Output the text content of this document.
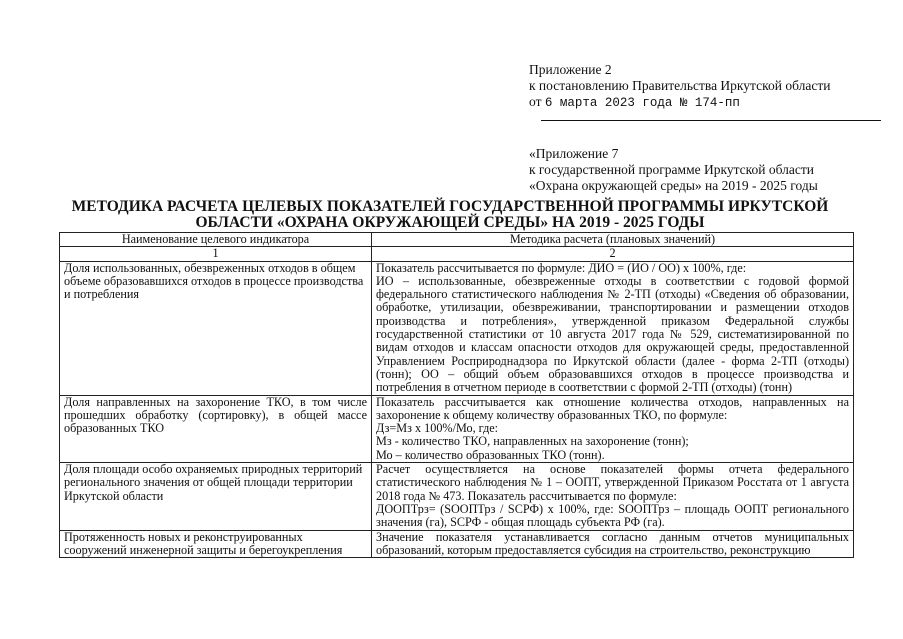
Приложение 2
к постановлению Правительства Иркутской области
от 6 марта 2023 года № 174-пп
«Приложение 7
к государственной программе Иркутской области
«Охрана окружающей среды» на 2019 - 2025 годы
МЕТОДИКА РАСЧЕТА ЦЕЛЕВЫХ ПОКАЗАТЕЛЕЙ ГОСУДАРСТВЕННОЙ ПРОГРАММЫ ИРКУТСКОЙ
ОБЛАСТИ «ОХРАНА ОКРУЖАЮЩЕЙ СРЕДЫ» НА 2019 - 2025 ГОДЫ
Наименование целевого индикатора	Методика расчета (плановых значений)
1	2
Доля использованных, обезвреженных отходов в общем объеме образовавшихся отходов в процессе производства и потребления	Показатель рассчитывается по формуле: ДИО = (ИО / ОО) х 100%, где:
ИО – использованные, обезвреженные отходы в соответствии с годовой формой федерального статистического наблюдения № 2-ТП (отходы) «Сведения об образовании, обработке, утилизации, обезвреживании, транспортировании и размещении отходов производства и потребления», утвержденной приказом Федеральной службы государственной статистики от 10 августа 2017 года № 529, систематизированной по видам отходов и классам опасности отходов для окружающей среды, предоставленной Управлением Росприроднадзора по Иркутской области (далее - форма 2-ТП (отходы) (тонн); ОО – общий объем образовавшихся отходов в процессе производства и потребления в отчетном периоде в соответствии с формой 2-ТП (отходы) (тонн)

Доля направленных на захоронение ТКО, в том числе прошедших обработку (сортировку), в общей массе образованных ТКО	Показатель рассчитывается как отношение количества отходов, направленных на захоронение к общему количеству образованных ТКО, по формуле:
Дз=Мз х 100%/Мо, где:
Мз - количество ТКО, направленных на захоронение (тонн);
Мо – количество образованных ТКО (тонн).

Доля площади особо охраняемых природных территорий регионального значения от общей площади территории Иркутской области	Расчет осуществляется на основе показателей формы отчета федерального статистического наблюдения № 1 – ООПТ, утвержденной Приказом Росстата от 1 августа 2018 года № 473. Показатель рассчитывается по формуле:
ДООПТрз= (SООПТрз / SСРФ) х 100%, где: SООПТрз – площадь ООПТ регионального значения (га), SСРФ - общая площадь субъекта РФ (га).

Протяженность новых и реконструированных сооружений инженерной защиты и берегоукрепления	Значение показателя устанавливается согласно данным отчетов муниципальных образований, которым предоставляется субсидия на строительство, реконструкцию
